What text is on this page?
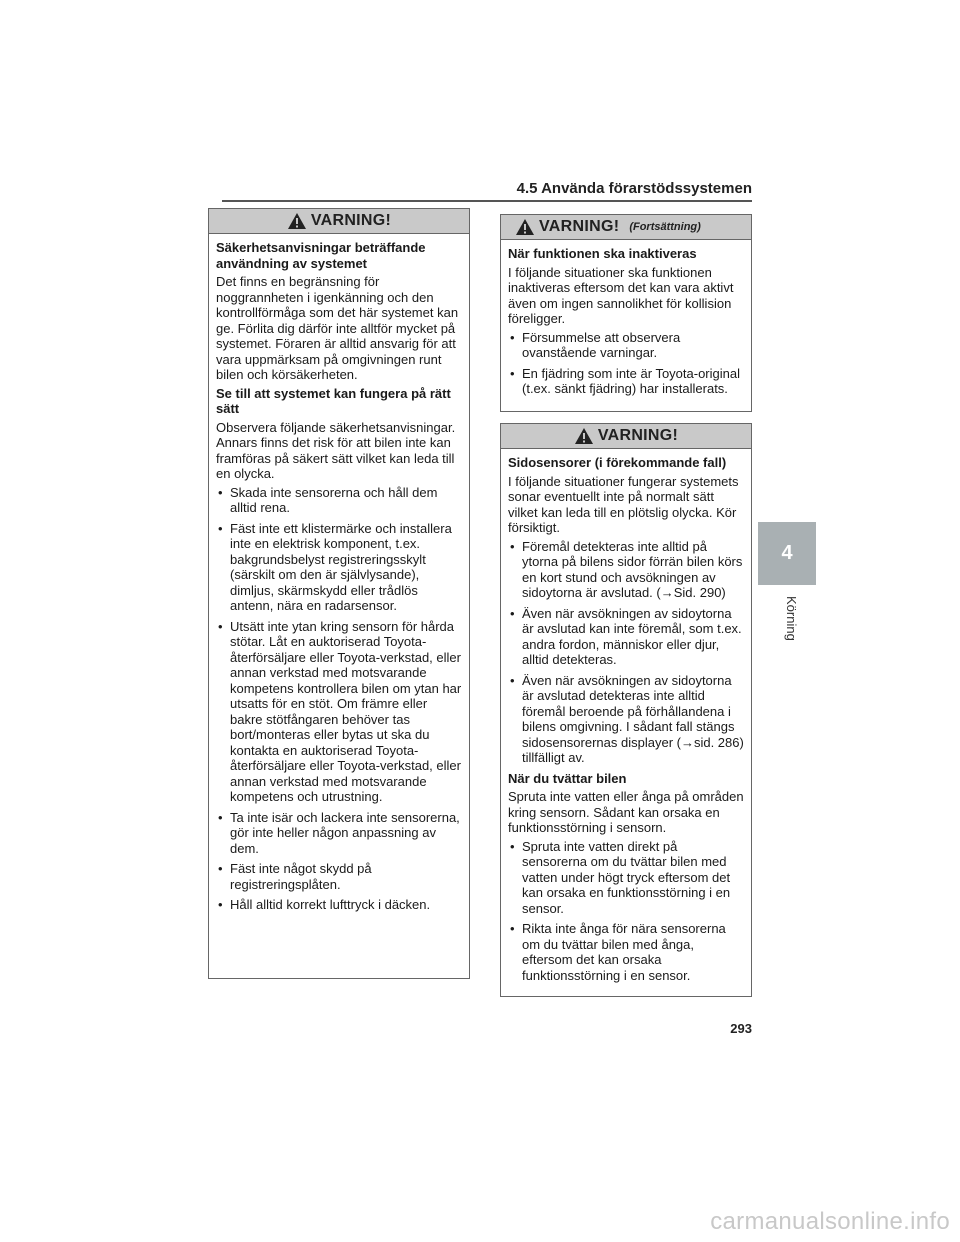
4.5 Använda förarstödssystemen
4
Körning
VARNING!

Säkerhetsanvisningar beträffande användning av systemet

Det finns en begränsning för noggrannheten i igenkänning och den kontrollförmåga som det här systemet kan ge. Förlita dig därför inte alltför mycket på systemet. Föraren är alltid ansvarig för att vara uppmärksam på omgivningen runt bilen och körsäkerheten.

Se till att systemet kan fungera på rätt sätt

Observera följande säkerhetsanvisningar. Annars finns det risk för att bilen inte kan framföras på säkert sätt vilket kan leda till en olycka.

• Skada inte sensorerna och håll dem alltid rena.
• Fäst inte ett klistermärke och installera inte en elektrisk komponent, t.ex. bakgrundsbelyst registreringsskylt (särskilt om den är självlysande), dimljus, skärmskydd eller trådlös antenn, nära en radarsensor.
• Utsätt inte ytan kring sensorn för hårda stötar. Låt en auktoriserad Toyota-återförsäljare eller Toyota-verkstad, eller annan verkstad med motsvarande kompetens kontrollera bilen om ytan har utsatts för en stöt. Om främre eller bakre stötfångaren behöver tas bort/monteras eller bytas ut ska du kontakta en auktoriserad Toyota-återförsäljare eller Toyota-verkstad, eller annan verkstad med motsvarande kompetens och utrustning.
• Ta inte isär och lackera inte sensorerna, gör inte heller någon anpassning av dem.
• Fäst inte något skydd på registreringsplåten.
• Håll alltid korrekt lufttryck i däcken.
VARNING! (Fortsättning)

När funktionen ska inaktiveras

I följande situationer ska funktionen inaktiveras eftersom det kan vara aktivt även om ingen sannolikhet för kollision föreligger.

• Försummelse att observera ovanstående varningar.
• En fjädring som inte är Toyota-original (t.ex. sänkt fjädring) har installerats.
VARNING!

Sidosensorer (i förekommande fall)

I följande situationer fungerar systemets sonar eventuellt inte på normalt sätt vilket kan leda till en plötslig olycka. Kör försiktigt.

• Föremål detekteras inte alltid på ytorna på bilens sidor förrän bilen körs en kort stund och avsökningen av sidoytorna är avslutad. (→Sid. 290)
• Även när avsökningen av sidoytorna är avslutad kan inte föremål, som t.ex. andra fordon, människor eller djur, alltid detekteras.
• Även när avsökningen av sidoytorna är avslutad detekteras inte alltid föremål beroende på förhållandena i bilens omgivning. I sådant fall stängs sidosensorernas displayer (→sid. 286) tillfälligt av.

När du tvättar bilen

Spruta inte vatten eller ånga på områden kring sensorn. Sådant kan orsaka en funktionsstörning i sensorn.

• Spruta inte vatten direkt på sensorerna om du tvättar bilen med vatten under högt tryck eftersom det kan orsaka en funktionsstörning i en sensor.
• Rikta inte ånga för nära sensorerna om du tvättar bilen med ånga, eftersom det kan orsaka funktionsstörning i en sensor.
293
carmanualsonline.info
